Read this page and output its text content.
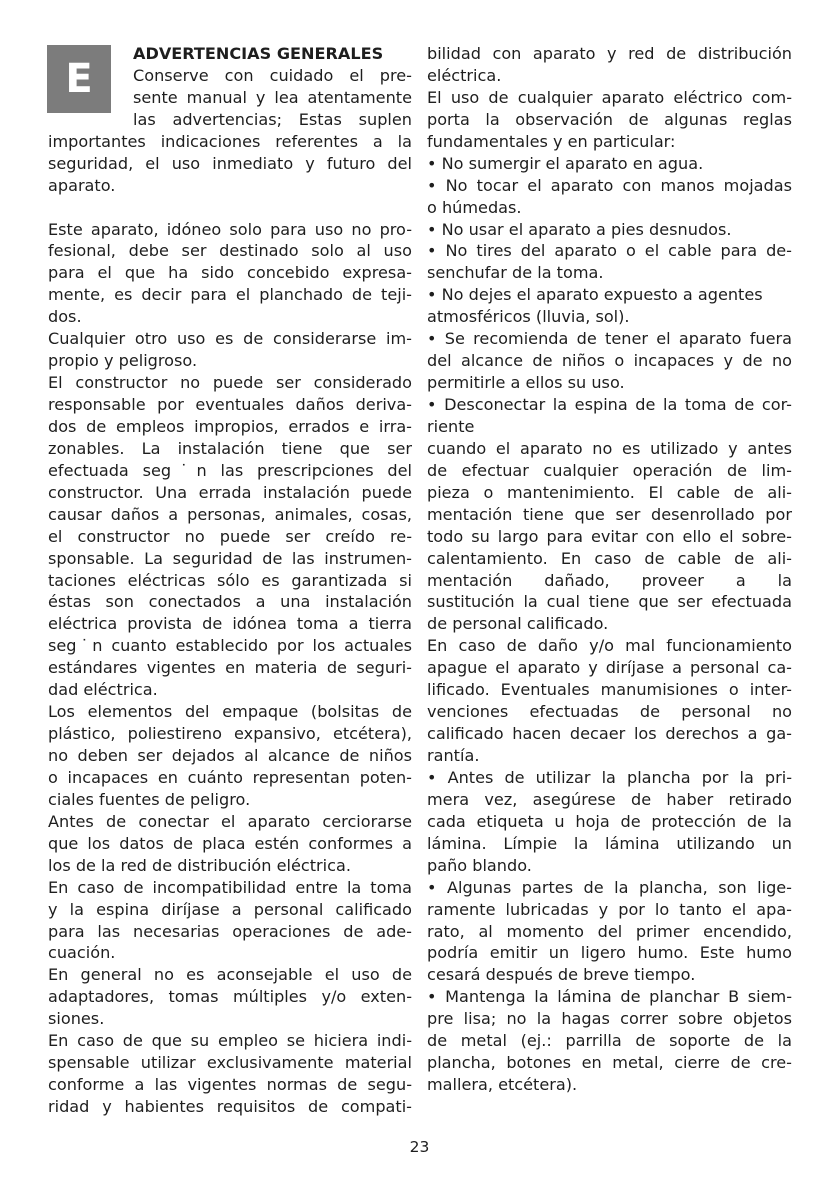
E
ADVERTENCIAS GENERALES
Conserve con cuidado el pre-
sente manual y lea atentamente
las advertencias; Estas suplen
importantes indicaciones referentes a la
seguridad, el uso inmediato y futuro del
aparato.
Este aparato, idóneo solo para uso no pro-
fesional, debe ser destinado solo al uso
para el que ha sido concebido expresa-
mente, es decir para el planchado de teji-
dos.
Cualquier otro uso es de considerarse im-
propio y peligroso.
El constructor no puede ser considerado
responsable por eventuales daños deriva-
dos de empleos impropios, errados e irra-
zonables. La instalación tiene que ser
efectuada seg˙n las prescripciones del
constructor. Una errada instalación puede
causar daños a personas, animales, cosas,
el constructor no puede ser creído re-
sponsable. La seguridad de las instrumen-
taciones eléctricas sólo es garantizada si
éstas son conectados a una instalación
eléctrica provista de idónea toma a tierra
seg˙n cuanto establecido por los actuales
estándares vigentes en materia de seguri-
dad eléctrica.
Los elementos del empaque (bolsitas de
plástico, poliestireno expansivo, etcétera),
no deben ser dejados al alcance de niños
o incapaces en cuánto representan poten-
ciales fuentes de peligro.
Antes de conectar el aparato cerciorarse
que los datos de placa estén conformes a
los de la red de distribución eléctrica.
En caso de incompatibilidad entre la toma
y la espina diríjase a personal calificado
para las necesarias operaciones de ade-
cuación.
En general no es aconsejable el uso de
adaptadores, tomas múltiples y/o exten-
siones.
En caso de que su empleo se hiciera indi-
spensable utilizar exclusivamente material
conforme a las vigentes normas de segu-
ridad y habientes requisitos de compati-
bilidad con aparato y red de distribución
eléctrica.
El uso de cualquier aparato eléctrico com-
porta la observación de algunas reglas
fundamentales y en particular:
• No sumergir el aparato en agua.
• No tocar el aparato con manos mojadas
o húmedas.
• No usar el aparato a pies desnudos.
• No tires del aparato o el cable para de-
senchufar de la toma.
• No dejes el aparato expuesto a agentes
atmosféricos (lluvia, sol).
• Se recomienda de tener el aparato fuera
del alcance de niños o incapaces y de no
permitirle a ellos su uso.
• Desconectar la espina de la toma de cor-
riente
cuando el aparato no es utilizado y antes
de efectuar cualquier operación de lim-
pieza o mantenimiento. El cable de ali-
mentación tiene que ser desenrollado por
todo su largo para evitar con ello el sobre-
calentamiento. En caso de cable de ali-
mentación dañado, proveer a la
sustitución la cual tiene que ser efectuada
de personal calificado.
En caso de daño y/o mal funcionamiento
apague el aparato y diríjase a personal ca-
lificado. Eventuales manumisiones o inter-
venciones efectuadas de personal no
calificado hacen decaer los derechos a ga-
rantía.
• Antes de utilizar la plancha por la pri-
mera vez, asegúrese de haber retirado
cada etiqueta u hoja de protección de la
lámina. Límpie la lámina utilizando un
paño blando.
• Algunas partes de la plancha, son lige-
ramente lubricadas y por lo tanto el apa-
rato, al momento del primer encendido,
podría emitir un ligero humo. Este humo
cesará después de breve tiempo.
• Mantenga la lámina de planchar B siem-
pre lisa; no la hagas correr sobre objetos
de metal (ej.: parrilla de soporte de la
plancha, botones en metal, cierre de cre-
mallera, etcétera).
23
